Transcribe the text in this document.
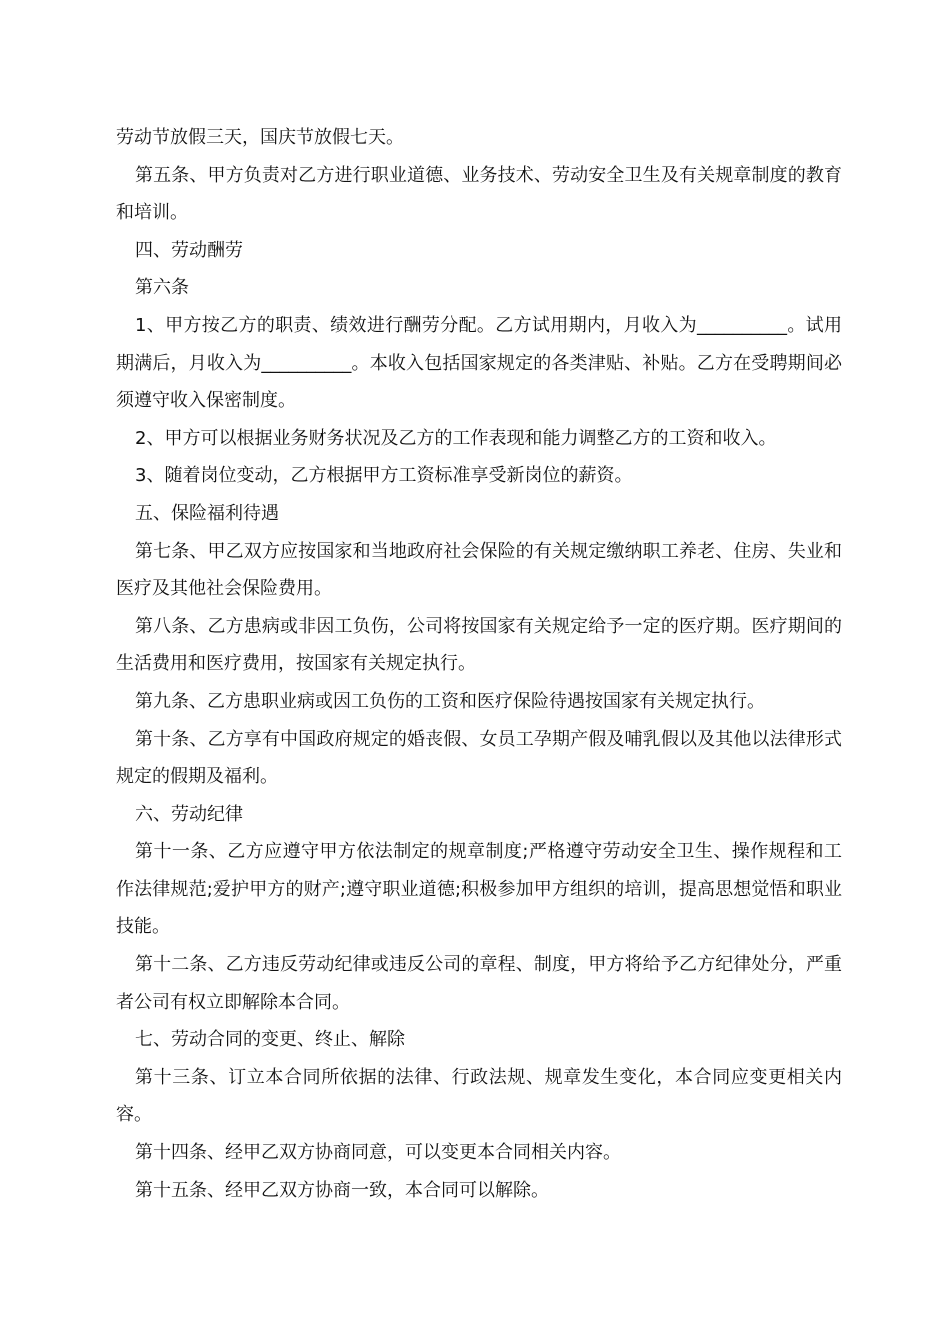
劳动节放假三天，国庆节放假七天。

第五条、甲方负责对乙方进行职业道德、业务技术、劳动安全卫生及有关规章制度的教育和培训。

四、劳动酬劳

第六条

1、甲方按乙方的职责、绩效进行酬劳分配。乙方试用期内，月收入为__________。试用期满后，月收入为__________。本收入包括国家规定的各类津贴、补贴。乙方在受聘期间必须遵守收入保密制度。

2、甲方可以根据业务财务状况及乙方的工作表现和能力调整乙方的工资和收入。

3、随着岗位变动，乙方根据甲方工资标准享受新岗位的薪资。

五、保险福利待遇

第七条、甲乙双方应按国家和当地政府社会保险的有关规定缴纳职工养老、住房、失业和医疗及其他社会保险费用。

第八条、乙方患病或非因工负伤，公司将按国家有关规定给予一定的医疗期。医疗期间的生活费用和医疗费用，按国家有关规定执行。

第九条、乙方患职业病或因工负伤的工资和医疗保险待遇按国家有关规定执行。

第十条、乙方享有中国政府规定的婚丧假、女员工孕期产假及哺乳假以及其他以法律形式规定的假期及福利。

六、劳动纪律

第十一条、乙方应遵守甲方依法制定的规章制度;严格遵守劳动安全卫生、操作规程和工作法律规范;爱护甲方的财产;遵守职业道德;积极参加甲方组织的培训，提高思想觉悟和职业技能。

第十二条、乙方违反劳动纪律或违反公司的章程、制度，甲方将给予乙方纪律处分，严重者公司有权立即解除本合同。

七、劳动合同的变更、终止、解除

第十三条、订立本合同所依据的法律、行政法规、规章发生变化，本合同应变更相关内容。

第十四条、经甲乙双方协商同意，可以变更本合同相关内容。

第十五条、经甲乙双方协商一致，本合同可以解除。
